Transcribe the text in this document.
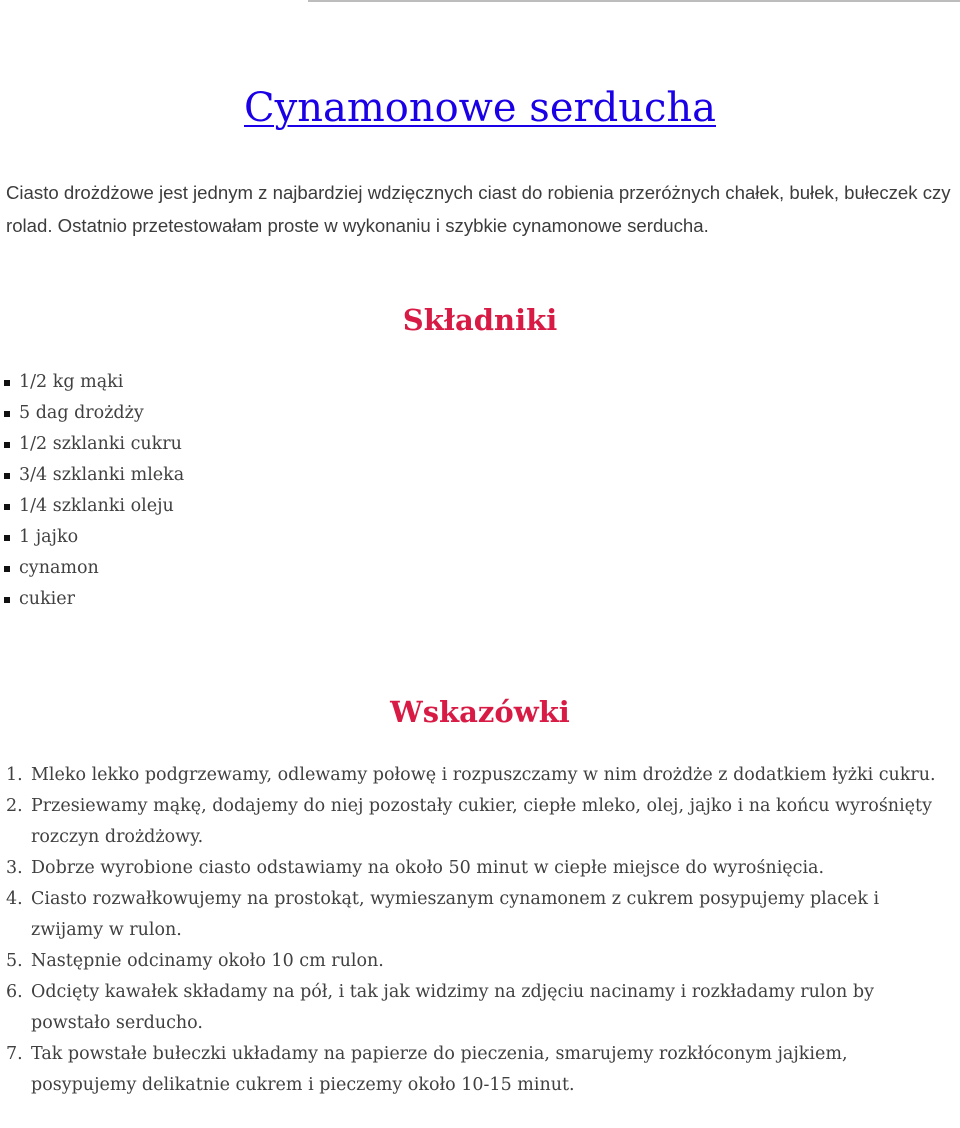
Cynamonowe serducha

Ciasto drożdżowe jest jednym z najbardziej wdzięcznych ciast do robienia przeróżnych chałek, bułek, bułeczek czy rolad. Ostatnio przetestowałam proste w wykonaniu i szybkie cynamonowe serducha.

Składniki
1/2 kg mąki
5 dag drożdży
1/2 szklanki cukru
3/4 szklanki mleka
1/4 szklanki oleju
1 jajko
cynamon
cukier
Wskazówki
1. Mleko lekko podgrzewamy, odlewamy połowę i rozpuszczamy w nim drożdże z dodatkiem łyżki cukru.
2. Przesiewamy mąkę, dodajemy do niej pozostały cukier, ciepłe mleko, olej, jajko i na końcu wyrośnięty rozczyn drożdżowy.
3. Dobrze wyrobione ciasto odstawiamy na około 50 minut w ciepłe miejsce do wyrośnięcia.
4. Ciasto rozwałkowujemy na prostokąt, wymieszanym cynamonem z cukrem posypujemy placek i zwijamy w rulon.
5. Następnie odcinamy około 10 cm rulon.
6. Odcięty kawałek składamy na pół, i tak jak widzimy na zdjęciu nacinamy i rozkładamy rulon by powstało serducho.
7. Tak powstałe bułeczki układamy na papierze do pieczenia, smarujemy rozkłóconym jajkiem, posypujemy delikatnie cukrem i pieczemy około 10-15 minut.
